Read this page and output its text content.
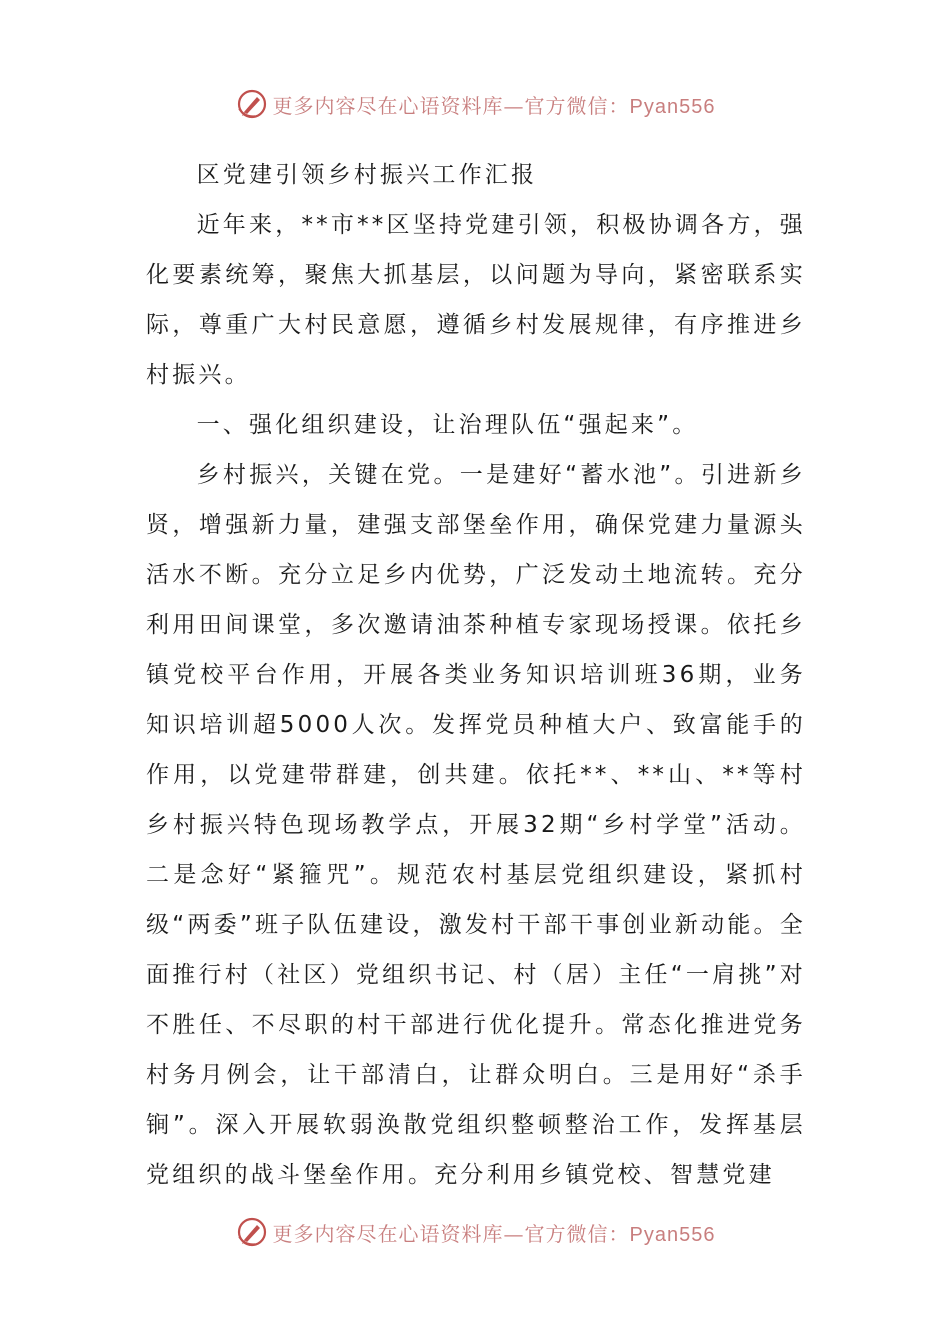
更多内容尽在心语资料库—官方微信：Pyan556

区党建引领乡村振兴工作汇报

近年来，**市**区坚持党建引领，积极协调各方，强化要素统筹，聚焦大抓基层，以问题为导向，紧密联系实际，尊重广大村民意愿，遵循乡村发展规律，有序推进乡村振兴。

一、强化组织建设，让治理队伍“强起来”。

乡村振兴，关键在党。一是建好“蓄水池”。引进新乡贤，增强新力量，建强支部堡垒作用，确保党建力量源头活水不断。充分立足乡内优势，广泛发动土地流转。充分利用田间课堂，多次邀请油茶种植专家现场授课。依托乡镇党校平台作用，开展各类业务知识培训班36期，业务知识培训超5000人次。发挥党员种植大户、致富能手的作用，以党建带群建，创共建。依托**、**山、**等村乡村振兴特色现场教学点，开展32期“乡村学堂”活动。二是念好“紧箍咒”。规范农村基层党组织建设，紧抓村级“两委”班子队伍建设，激发村干部干事创业新动能。全面推行村（社区）党组织书记、村（居）主任“一肩挑”对不胜任、不尽职的村干部进行优化提升。常态化推进党务村务月例会，让干部清白，让群众明白。三是用好“杀手锏”。深入开展软弱涣散党组织整顿整治工作，发挥基层党组织的战斗堡垒作用。充分利用乡镇党校、智慧党建

更多内容尽在心语资料库—官方微信：Pyan556
